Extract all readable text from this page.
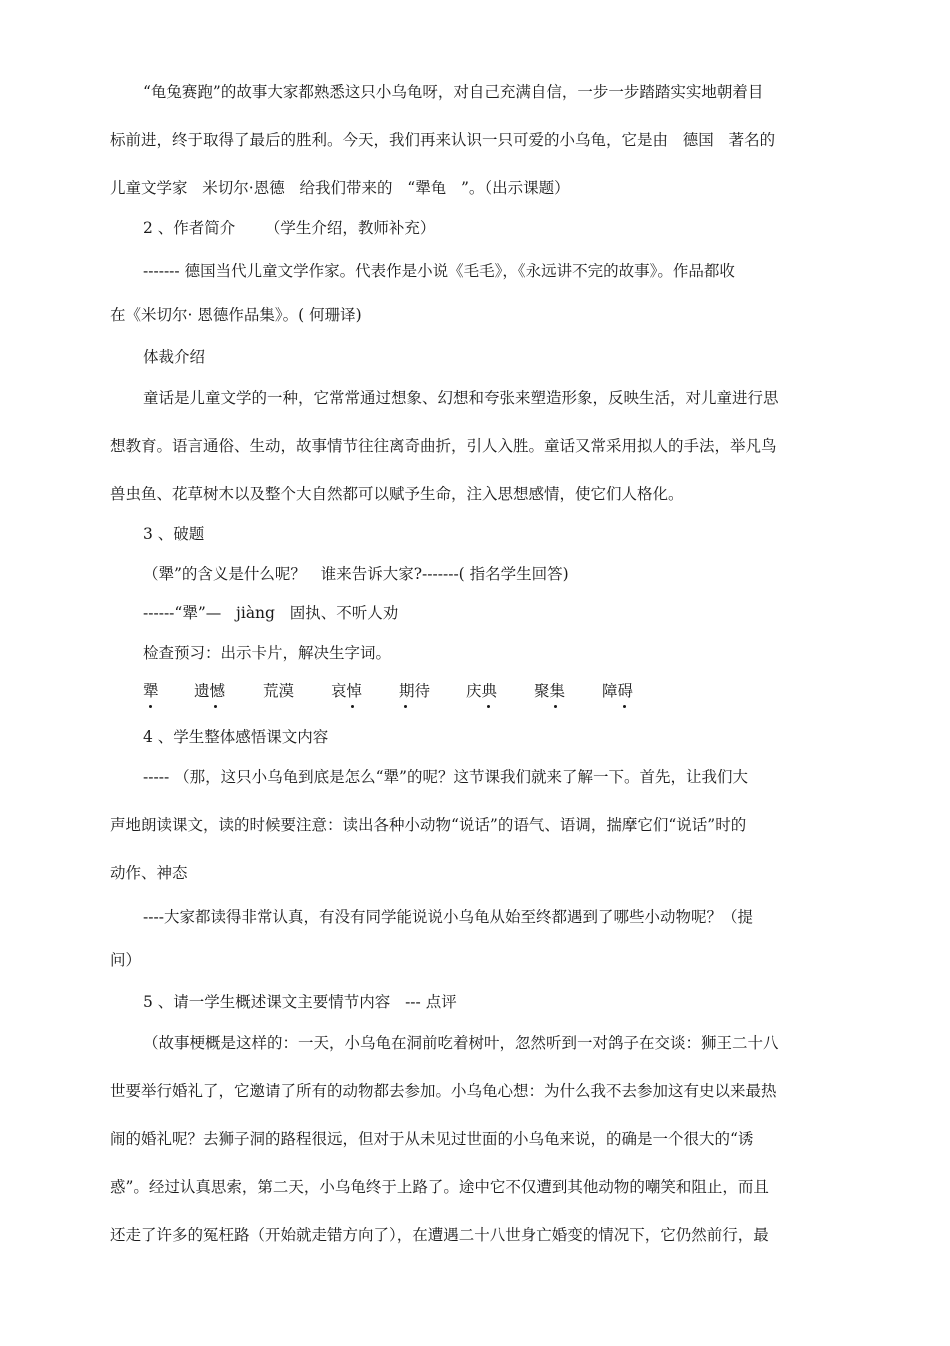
“龟兔赛跑”的故事大家都熟悉这只小乌龟呀，对自己充满自信，一步一步踏踏实实地朝着目
标前进，终于取得了最后的胜利。今天，我们再来认识一只可爱的小乌龟，它是由   德国   著名的
儿童文学家   米切尔·恩德   给我们带来的   “犟龟   ”。（出示课题）
2 、作者简介      （学生介绍，教师补充）
------- 德国当代儿童文学作家。代表作是小说《毛毛》，《永远讲不完的故事》。作品都收
在《米切尔· 恩德作品集》。( 何珊译)
体裁介绍
童话是儿童文学的一种，它常常通过想象、幻想和夸张来塑造形象，反映生活，对儿童进行思
想教育。语言通俗、生动，故事情节往往离奇曲折，引人入胜。童话又常采用拟人的手法，举凡鸟
兽虫鱼、花草树木以及整个大自然都可以赋予生命，注入思想感情，使它们人格化。
3 、破题
（犟”的含义是什么呢？   谁来告诉大家?-------( 指名学生回答)
------“犟”—   jiàng   固执、不听人劝
检查预习：出示卡片，解决生字词。
犟 遗憾 荒漠 哀悼 期待 庆典 聚集 障碍
4 、学生整体感悟课文内容
----- （那，这只小乌龟到底是怎么“犟”的呢？这节课我们就来了解一下。首先，让我们大
声地朗读课文，读的时候要注意：读出各种小动物“说话”的语气、语调，揣摩它们“说话”时的
动作、神态
----大家都读得非常认真，有没有同学能说说小乌龟从始至终都遇到了哪些小动物呢？（提
问）
5 、请一学生概述课文主要情节内容   --- 点评
（故事梗概是这样的：一天，小乌龟在洞前吃着树叶，忽然听到一对鸽子在交谈：狮王二十八
世要举行婚礼了，它邀请了所有的动物都去参加。小乌龟心想：为什么我不去参加这有史以来最热
闹的婚礼呢？去狮子洞的路程很远，但对于从未见过世面的小乌龟来说，的确是一个很大的“诱
惑”。经过认真思索，第二天，小乌龟终于上路了。途中它不仅遭到其他动物的嘲笑和阻止，而且
还走了许多的冤枉路（开始就走错方向了），在遭遇二十八世身亡婚变的情况下，它仍然前行，最
